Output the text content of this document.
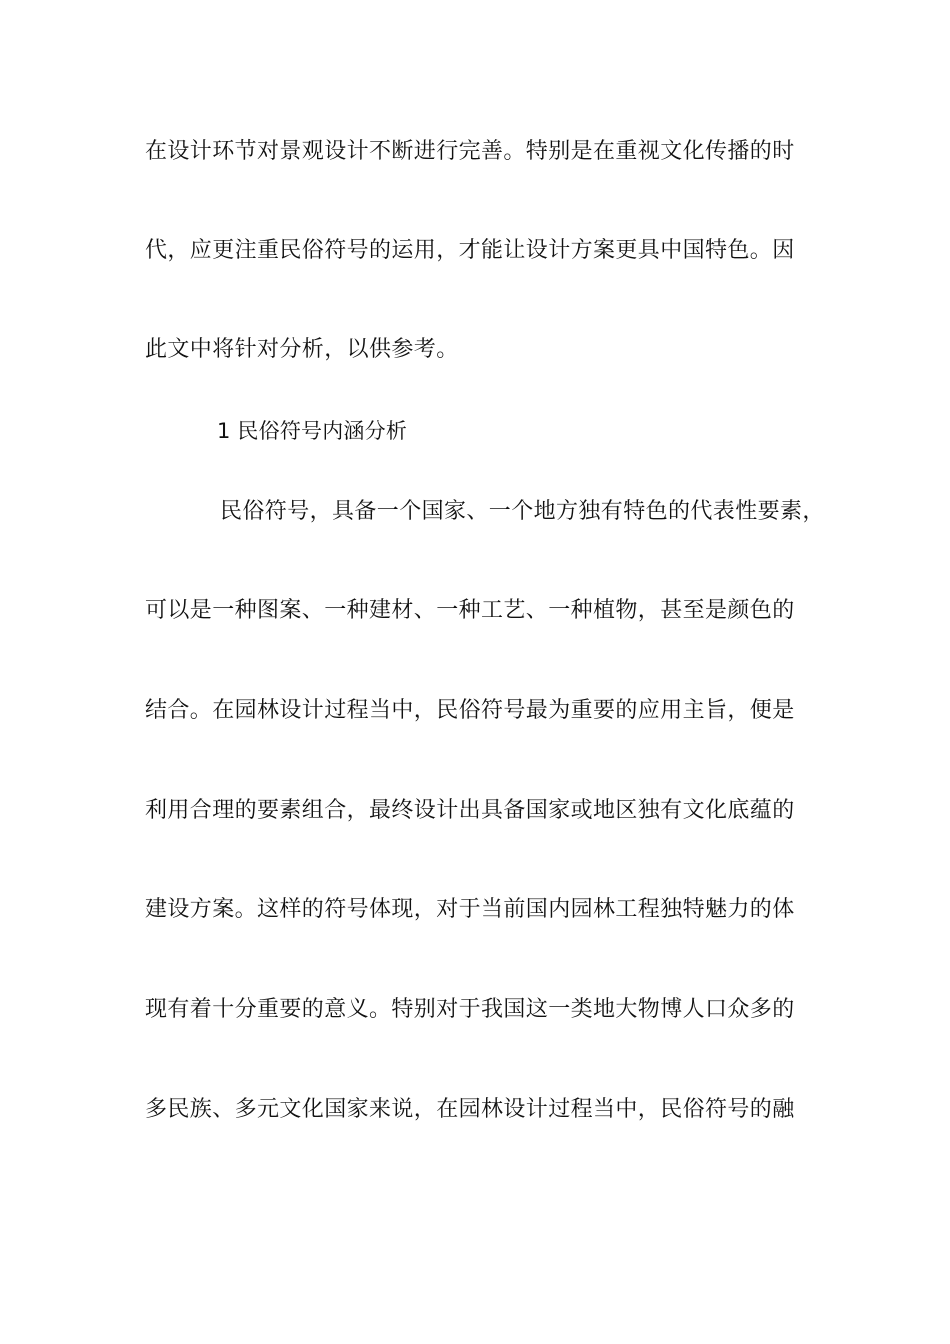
在设计环节对景观设计不断进行完善。特别是在重视文化传播的时
代，应更注重民俗符号的运用，才能让设计方案更具中国特色。因
此文中将针对分析，以供参考。
1 民俗符号内涵分析
民俗符号，具备一个国家、一个地方独有特色的代表性要素，
可以是一种图案、一种建材、一种工艺、一种植物，甚至是颜色的
结合。在园林设计过程当中，民俗符号最为重要的应用主旨，便是
利用合理的要素组合，最终设计出具备国家或地区独有文化底蕴的
建设方案。这样的符号体现，对于当前国内园林工程独特魅力的体
现有着十分重要的意义。特别对于我国这一类地大物博人口众多的
多民族、多元文化国家来说，在园林设计过程当中，民俗符号的融
